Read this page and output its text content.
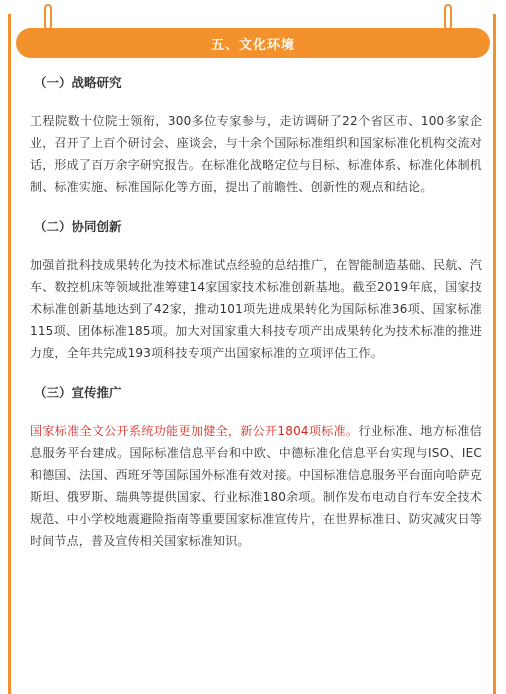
五、文化环境
（一）战略研究

工程院数十位院士领衔，300多位专家参与，走访调研了22个省区市、100多家企业，召开了上百个研讨会、座谈会，与十余个国际标准组织和国家标准化机构交流对话，形成了百万余字研究报告。在标准化战略定位与目标、标准体系、标准化体制机制、标准实施、标准国际化等方面，提出了前瞻性、创新性的观点和结论。

（二）协同创新

加强首批科技成果转化为技术标准试点经验的总结推广，在智能制造基础、民航、汽车、数控机床等领域批准筹建14家国家技术标准创新基地。截至2019年底，国家技术标准创新基地达到了42家，推动101项先进成果转化为国际标准36项、国家标准115项、团体标准185项。加大对国家重大科技专项产出成果转化为技术标准的推进力度，全年共完成193项科技专项产出国家标准的立项评估工作。

（三）宣传推广

国家标准全文公开系统功能更加健全，新公开1804项标准。行业标准、地方标准信息服务平台建成。国际标准信息平台和中欧、中德标准化信息平台实现与ISO、IEC和德国、法国、西班牙等国际国外标准有效对接。中国标准信息服务平台面向哈萨克斯坦、俄罗斯、瑞典等提供国家、行业标准180余项。制作发布电动自行车安全技术规范、中小学校地震避险指南等重要国家标准宣传片，在世界标准日、防灾减灾日等时间节点，普及宣传相关国家标准知识。
